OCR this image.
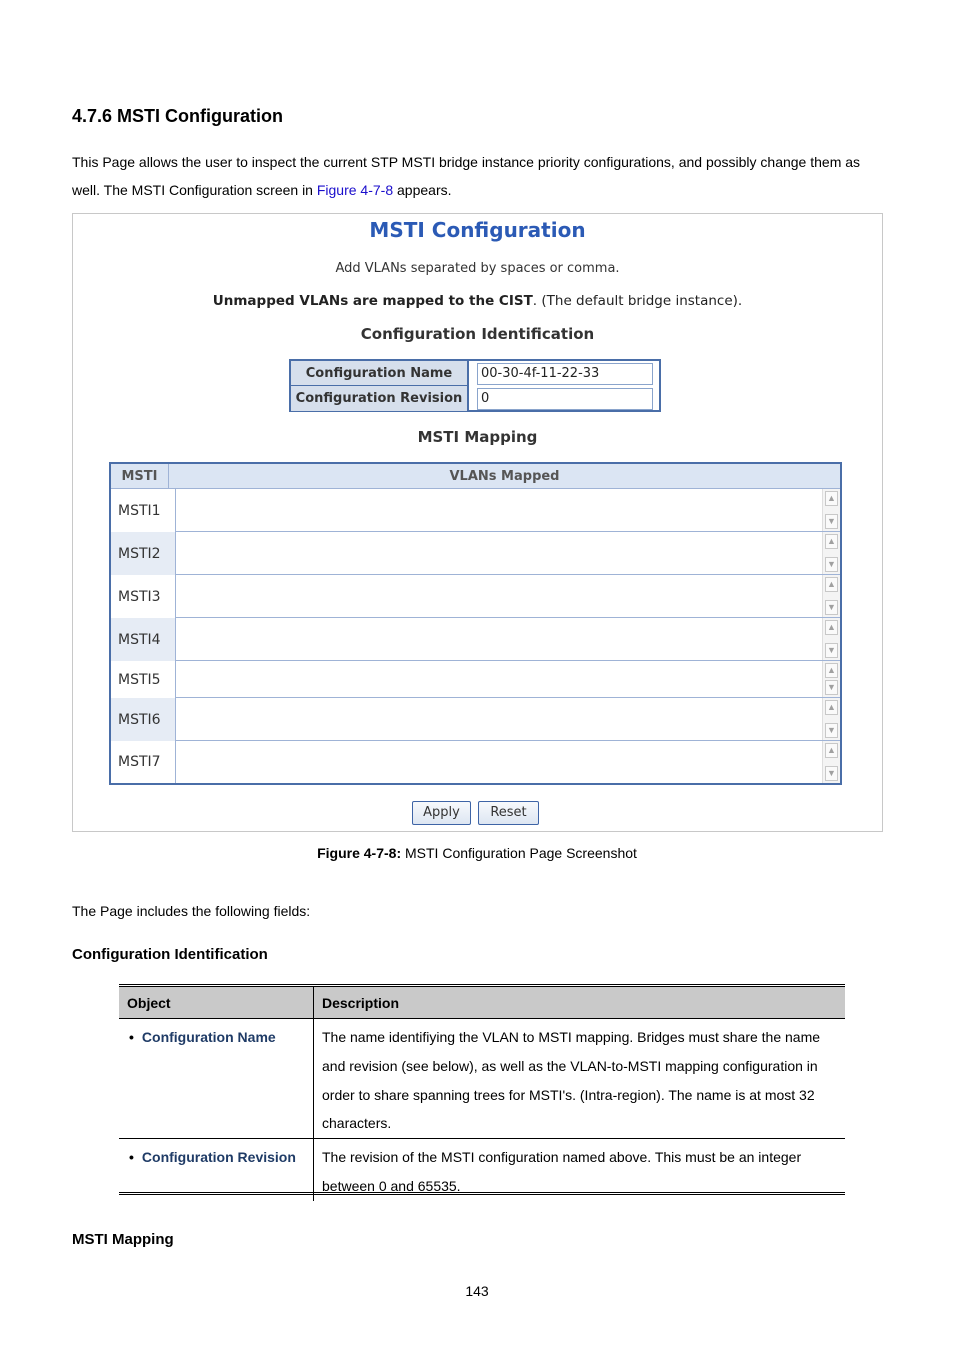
4.7.6 MSTI Configuration
This Page allows the user to inspect the current STP MSTI bridge instance priority configurations, and possibly change them as well. The MSTI Configuration screen in Figure 4-7-8 appears.
MSTI Configuration
Add VLANs separated by spaces or comma.
Unmapped VLANs are mapped to the CIST. (The default bridge instance).
Configuration Identification
Configuration Name	00-30-4f-11-22-33
Configuration Revision	0
MSTI Mapping
MSTI	VLANs Mapped
MSTI1
▲
▼
MSTI2
▲
▼
MSTI3
▲
▼
MSTI4
▲
▼
MSTI5
▲
▼
MSTI6
▲
▼
MSTI7
▲
▼
Apply	Reset
Figure 4-7-8: MSTI Configuration Page Screenshot
The Page includes the following fields:
Configuration Identification
Object	Description
• Configuration Name	The name identifiying the VLAN to MSTI mapping. Bridges must share the name and revision (see below), as well as the VLAN-to-MSTI mapping configuration in order to share spanning trees for MSTI's. (Intra-region). The name is at most 32 characters.
• Configuration Revision	The revision of the MSTI configuration named above. This must be an integer between 0 and 65535.
MSTI Mapping
143
